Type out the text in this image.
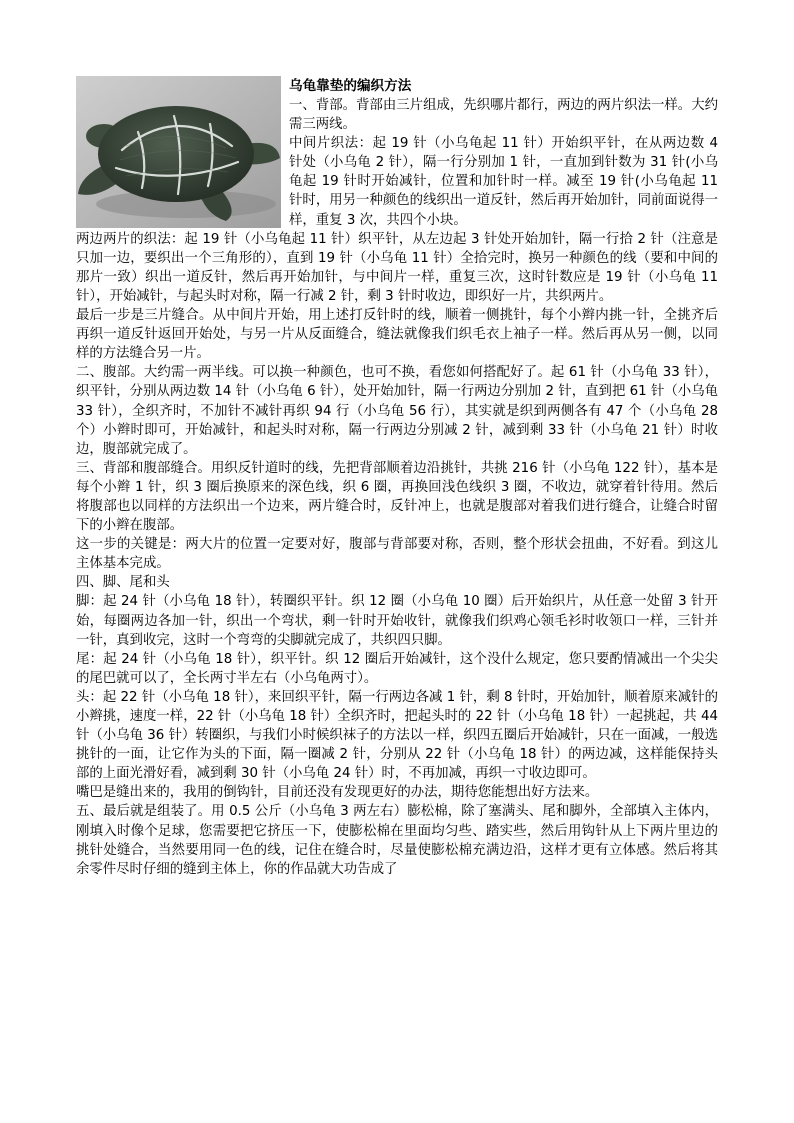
乌龟靠垫的编织方法

一、背部。背部由三片组成，先织哪片都行，两边的两片织法一样。大约需三两线。

中间片织法：起 19 针（小乌龟起 11 针）开始织平针，在从两边数 4 针处（小乌龟 2 针），隔一行分别加 1 针，一直加到针数为 31 针(小乌龟起 19 针时开始减针，位置和加针时一样。减至 19 针(小乌龟起 11 针时，用另一种颜色的线织出一道反针，然后再开始加针，同前面说得一样，重复 3 次，共四个小块。

两边两片的织法：起 19 针（小乌龟起 11 针）织平针，从左边起 3 针处开始加针，隔一行拾 2 针（注意是只加一边，要织出一个三角形的），直到 19 针（小乌龟 11 针）全拾完时，换另一种颜色的线（要和中间的那片一致）织出一道反针，然后再开始加针，与中间片一样，重复三次，这时针数应是 19 针（小乌龟 11 针），开始减针，与起头时对称，隔一行减 2 针，剩 3 针时收边，即织好一片，共织两片。

最后一步是三片缝合。从中间片开始，用上述打反针时的线，顺着一侧挑针，每个小辫内挑一针，全挑齐后再织一道反针返回开始处，与另一片从反面缝合，缝法就像我们织毛衣上袖子一样。然后再从另一侧，以同样的方法缝合另一片。

二、腹部。大约需一两半线。可以换一种颜色，也可不换，看您如何搭配好了。起 61 针（小乌龟 33 针），织平针，分别从两边数 14 针（小乌龟 6 针），处开始加针，隔一行两边分别加 2 针，直到把 61 针（小乌龟 33 针），全织齐时，不加针不减针再织 94 行（小乌龟 56 行），其实就是织到两侧各有 47 个（小乌龟 28 个）小辫时即可，开始减针，和起头时对称，隔一行两边分别减 2 针，减到剩 33 针（小乌龟 21 针）时收边，腹部就完成了。

三、背部和腹部缝合。用织反针道时的线，先把背部顺着边沿挑针，共挑 216 针（小乌龟 122 针），基本是每个小辫 1 针，织 3 圈后换原来的深色线，织 6 圈，再换回浅色线织 3 圈，不收边，就穿着针待用。然后将腹部也以同样的方法织出一个边来，两片缝合时，反针冲上，也就是腹部对着我们进行缝合，让缝合时留下的小辫在腹部。

这一步的关键是：两大片的位置一定要对好，腹部与背部要对称，否则，整个形状会扭曲，不好看。到这儿主体基本完成。

四、脚、尾和头

脚：起 24 针（小乌龟 18 针），转圈织平针。织 12 圈（小乌龟 10 圈）后开始织片，从任意一处留 3 针开始，每圈两边各加一针，织出一个弯状，剩一针时开始收针，就像我们织鸡心领毛衫时收领口一样，三针并一针，真到收完，这时一个弯弯的尖脚就完成了，共织四只脚。

尾：起 24 针（小乌龟 18 针），织平针。织 12 圈后开始减针，这个没什么规定，您只要酌情减出一个尖尖的尾巴就可以了，全长两寸半左右（小乌龟两寸）。

头：起 22 针（小乌龟 18 针），来回织平针，隔一行两边各减 1 针，剩 8 针时，开始加针，顺着原来减针的小辫挑，速度一样，22 针（小乌龟 18 针）全织齐时，把起头时的 22 针（小乌龟 18 针）一起挑起，共 44 针（小乌龟 36 针）转圈织，与我们小时候织袜子的方法以一样，织四五圈后开始减针，只在一面减，一般选挑针的一面，让它作为头的下面，隔一圈减 2 针，分别从 22 针（小乌龟 18 针）的两边减，这样能保持头部的上面光滑好看，减到剩 30 针（小乌龟 24 针）时，不再加减，再织一寸收边即可。

嘴巴是缝出来的，我用的倒钩针，目前还没有发现更好的办法，期待您能想出好方法来。

五、最后就是组装了。用 0.5 公斤（小乌龟 3 两左右）膨松棉，除了塞满头、尾和脚外，全部填入主体内，刚填入时像个足球，您需要把它挤压一下，使膨松棉在里面均匀些、踏实些，然后用钩针从上下两片里边的挑针处缝合，当然要用同一色的线，记住在缝合时，尽量使膨松棉充满边沿，这样才更有立体感。然后将其余零件尽时仔细的缝到主体上，你的作品就大功告成了
